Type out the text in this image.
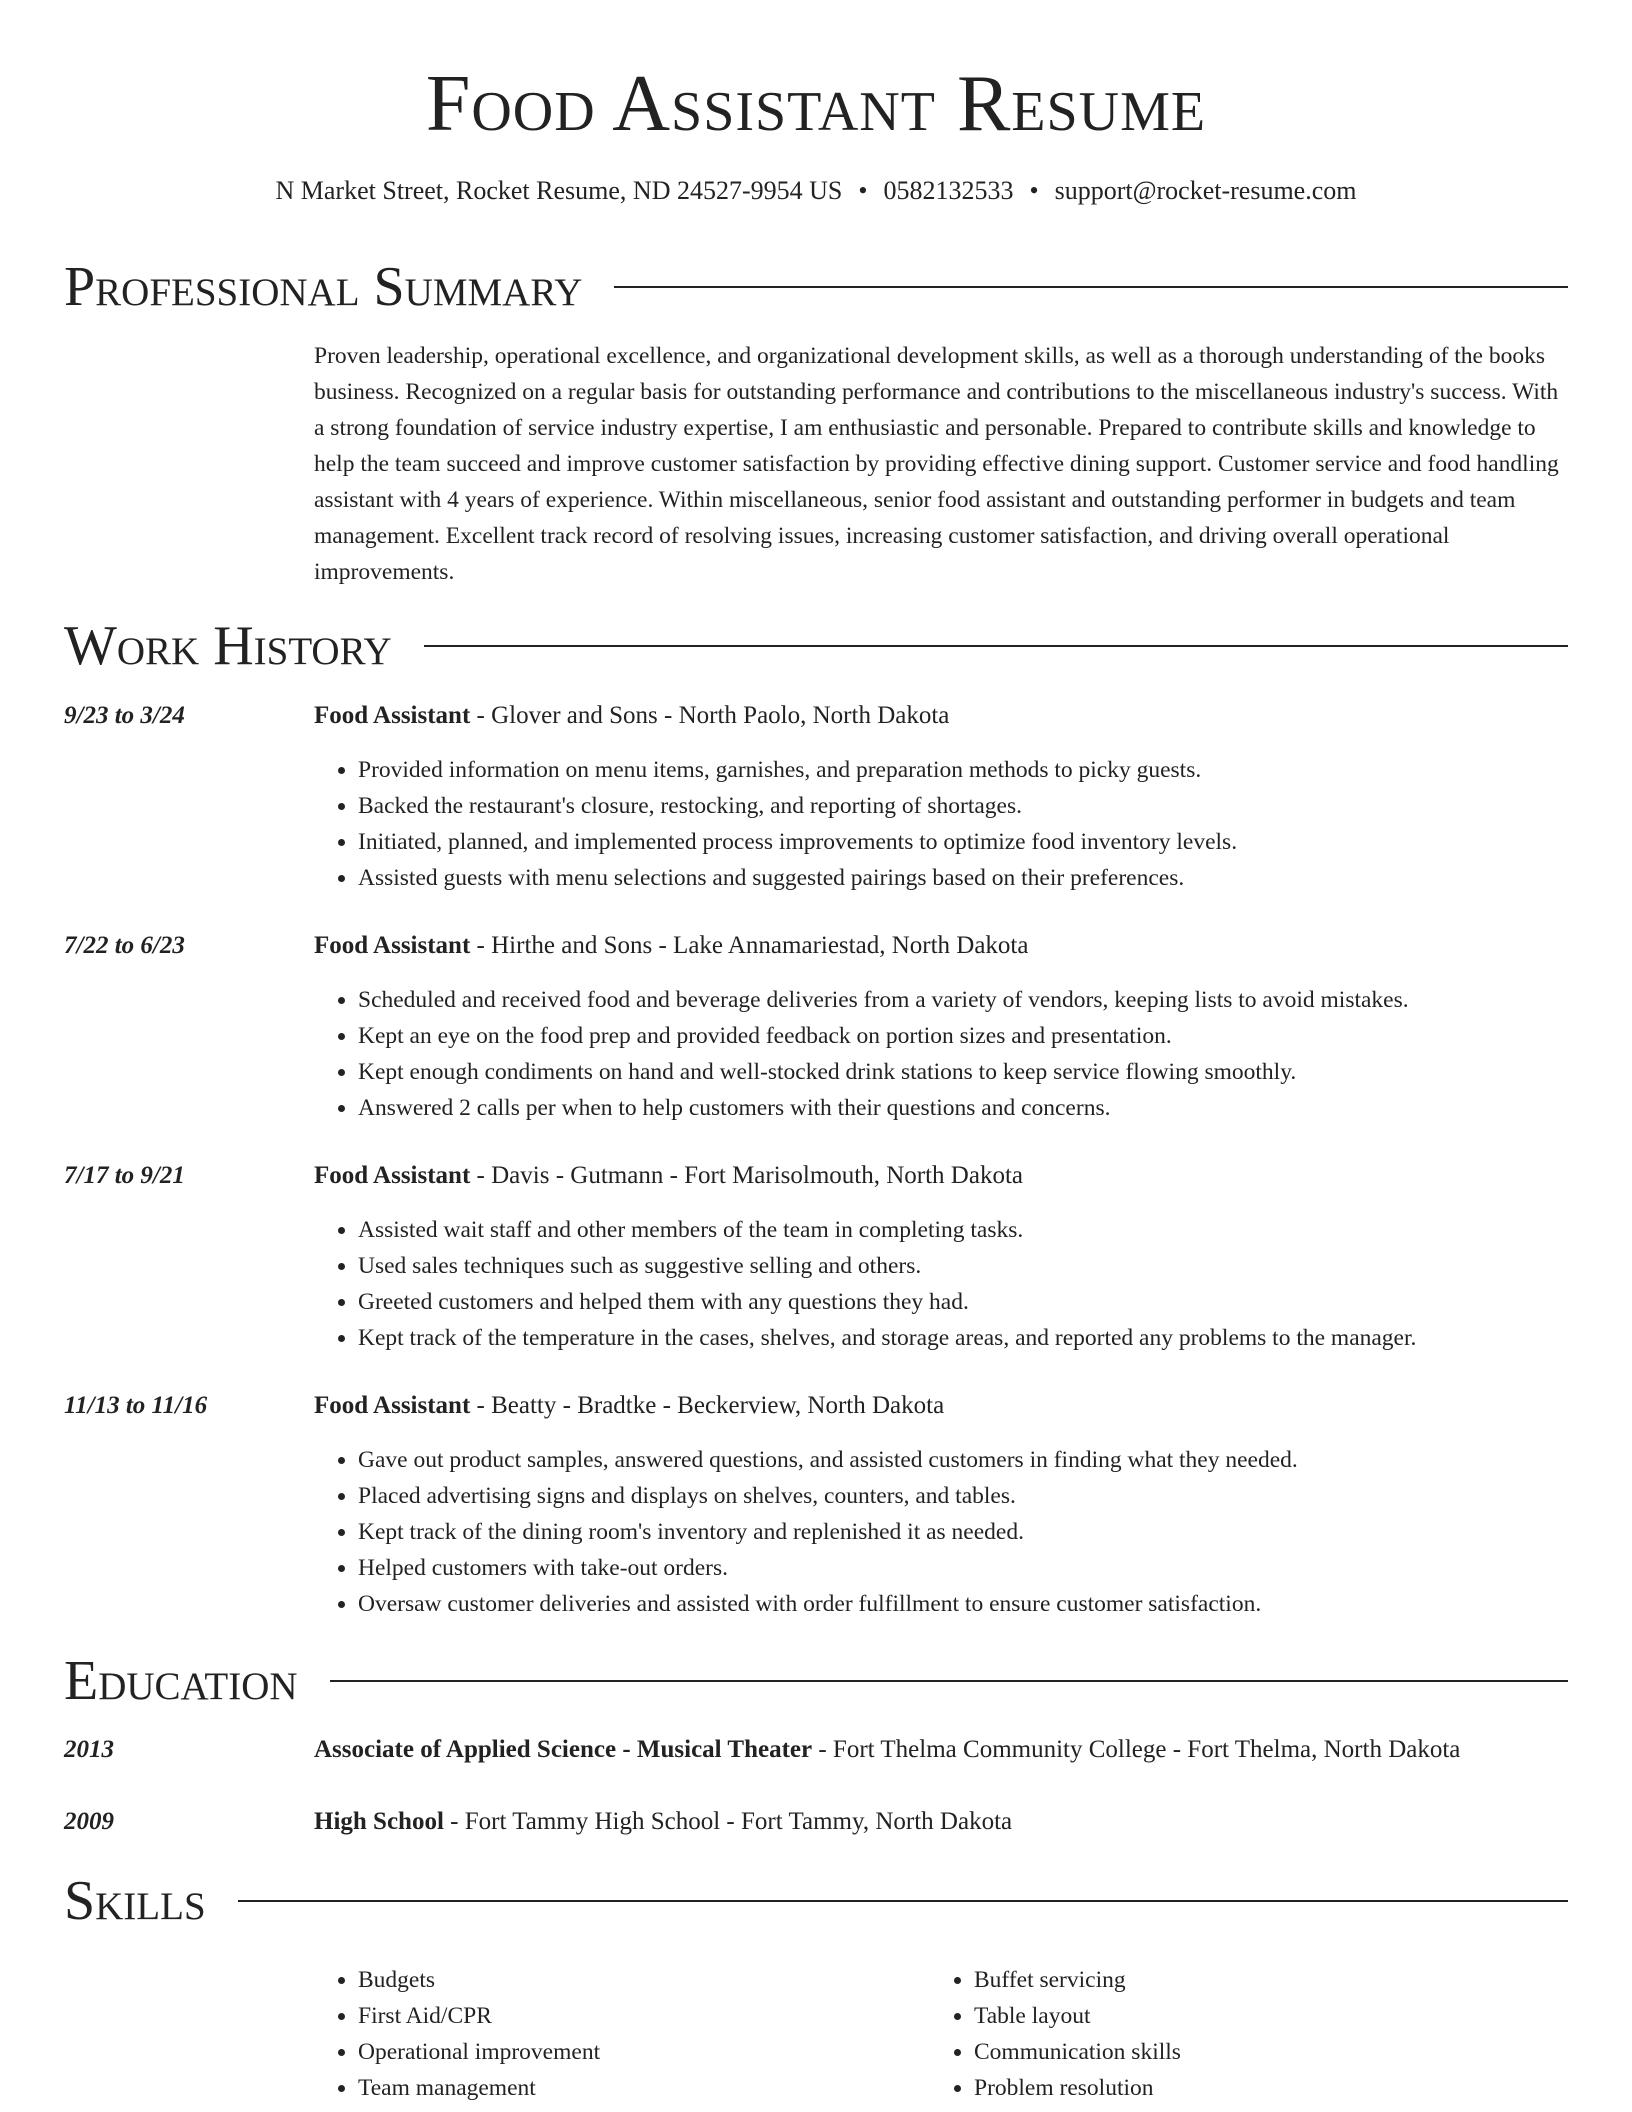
Food Assistant Resume
N Market Street, Rocket Resume, ND 24527-9954 US • 0582132533 • support@rocket-resume.com
Professional Summary

Proven leadership, operational excellence, and organizational development skills, as well as a thorough understanding of the books business. Recognized on a regular basis for outstanding performance and contributions to the miscellaneous industry's success. With a strong foundation of service industry expertise, I am enthusiastic and personable. Prepared to contribute skills and knowledge to help the team succeed and improve customer satisfaction by providing effective dining support. Customer service and food handling assistant with 4 years of experience. Within miscellaneous, senior food assistant and outstanding performer in budgets and team management. Excellent track record of resolving issues, increasing customer satisfaction, and driving overall operational improvements.

Work History
9/23 to 3/24	Food Assistant - Glover and Sons - North Paolo, North Dakota
• Provided information on menu items, garnishes, and preparation methods to picky guests.
• Backed the restaurant's closure, restocking, and reporting of shortages.
• Initiated, planned, and implemented process improvements to optimize food inventory levels.
• Assisted guests with menu selections and suggested pairings based on their preferences.
7/22 to 6/23	Food Assistant - Hirthe and Sons - Lake Annamariestad, North Dakota
• Scheduled and received food and beverage deliveries from a variety of vendors, keeping lists to avoid mistakes.
• Kept an eye on the food prep and provided feedback on portion sizes and presentation.
• Kept enough condiments on hand and well-stocked drink stations to keep service flowing smoothly.
• Answered 2 calls per when to help customers with their questions and concerns.
7/17 to 9/21	Food Assistant - Davis - Gutmann - Fort Marisolmouth, North Dakota
• Assisted wait staff and other members of the team in completing tasks.
• Used sales techniques such as suggestive selling and others.
• Greeted customers and helped them with any questions they had.
• Kept track of the temperature in the cases, shelves, and storage areas, and reported any problems to the manager.
11/13 to 11/16	Food Assistant - Beatty - Bradtke - Beckerview, North Dakota
• Gave out product samples, answered questions, and assisted customers in finding what they needed.
• Placed advertising signs and displays on shelves, counters, and tables.
• Kept track of the dining room's inventory and replenished it as needed.
• Helped customers with take-out orders.
• Oversaw customer deliveries and assisted with order fulfillment to ensure customer satisfaction.
Education
2013	Associate of Applied Science - Musical Theater - Fort Thelma Community College - Fort Thelma, North Dakota
2009	High School - Fort Tammy High School - Fort Tammy, North Dakota
Skills
• Budgets
• First Aid/CPR
• Operational improvement
• Team management
• Buffet servicing
• Table layout
• Communication skills
• Problem resolution
